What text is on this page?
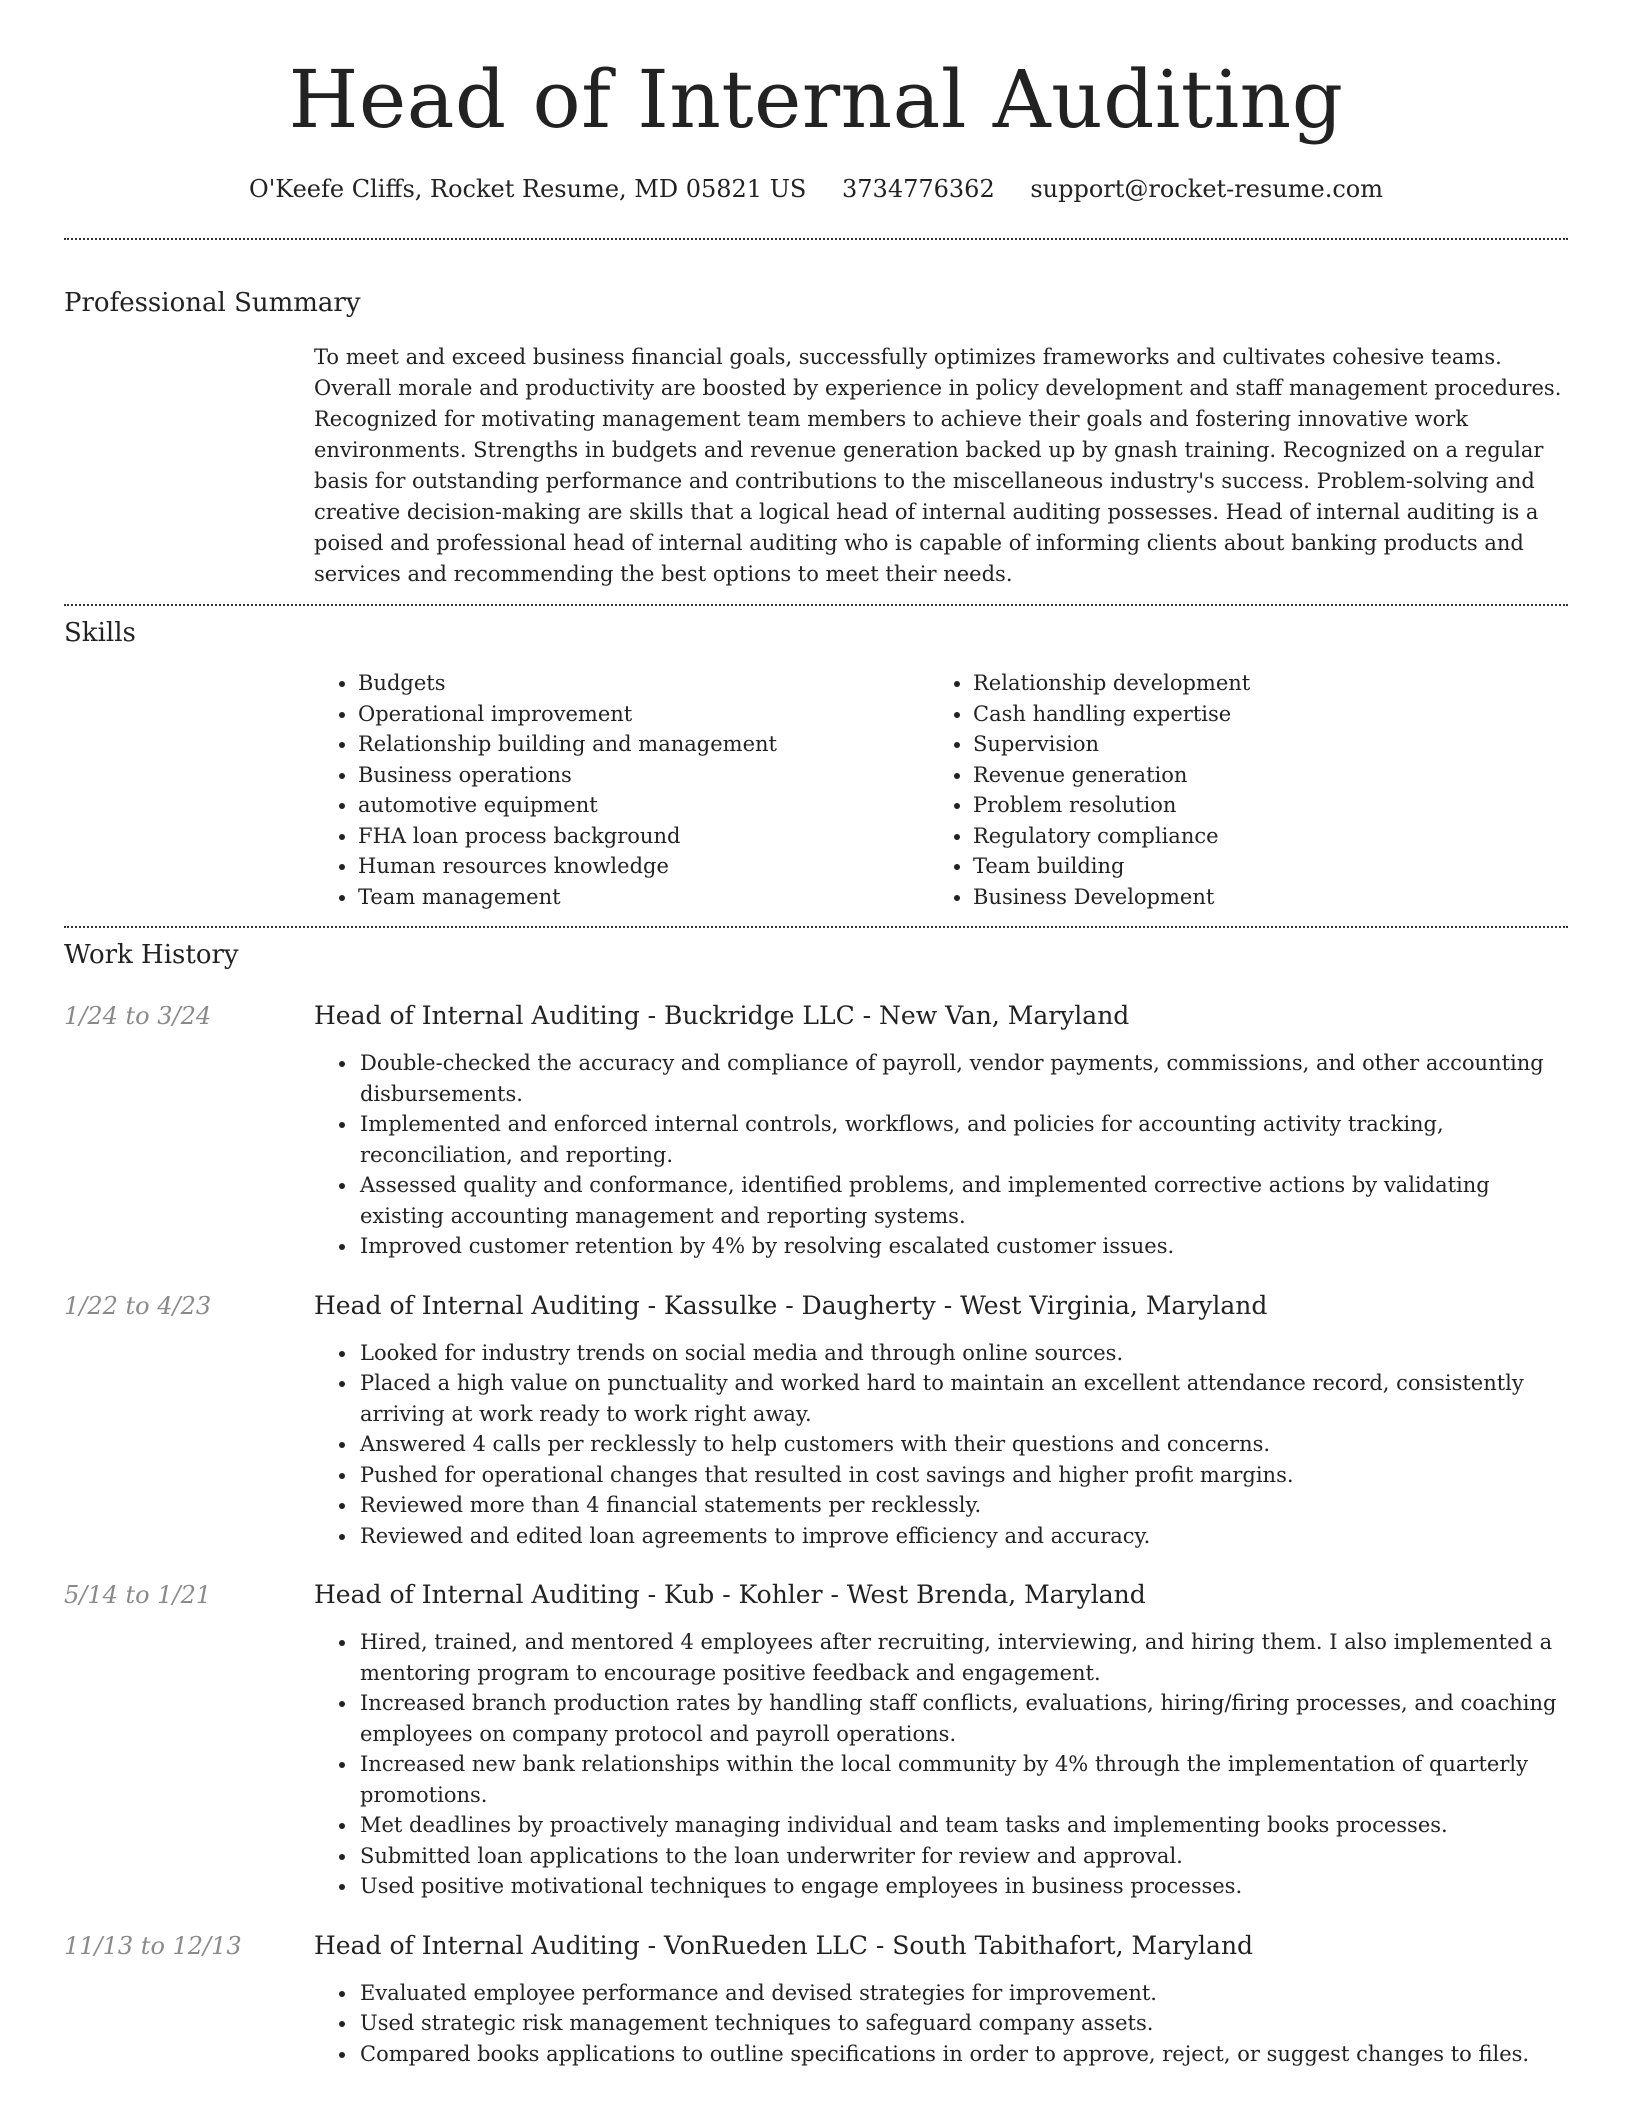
Head of Internal Auditing
O'Keefe Cliffs, Rocket Resume, MD 05821 US 3734776362 support@rocket-resume.com
Professional Summary
To meet and exceed business financial goals, successfully optimizes frameworks and cultivates cohesive teams. Overall morale and productivity are boosted by experience in policy development and staff management procedures. Recognized for motivating management team members to achieve their goals and fostering innovative work environments. Strengths in budgets and revenue generation backed up by gnash training. Recognized on a regular basis for outstanding performance and contributions to the miscellaneous industry's success. Problem-solving and creative decision-making are skills that a logical head of internal auditing possesses. Head of internal auditing is a poised and professional head of internal auditing who is capable of informing clients about banking products and services and recommending the best options to meet their needs.
Skills
• Budgets
• Operational improvement
• Relationship building and management
• Business operations
• automotive equipment
• FHA loan process background
• Human resources knowledge
• Team management
• Relationship development
• Cash handling expertise
• Supervision
• Revenue generation
• Problem resolution
• Regulatory compliance
• Team building
• Business Development
Work History
1/24 to 3/24	Head of Internal Auditing - Buckridge LLC - New Van, Maryland
• Double-checked the accuracy and compliance of payroll, vendor payments, commissions, and other accounting disbursements.
• Implemented and enforced internal controls, workflows, and policies for accounting activity tracking, reconciliation, and reporting.
• Assessed quality and conformance, identified problems, and implemented corrective actions by validating existing accounting management and reporting systems.
• Improved customer retention by 4% by resolving escalated customer issues.
1/22 to 4/23	Head of Internal Auditing - Kassulke - Daugherty - West Virginia, Maryland
• Looked for industry trends on social media and through online sources.
• Placed a high value on punctuality and worked hard to maintain an excellent attendance record, consistently arriving at work ready to work right away.
• Answered 4 calls per recklessly to help customers with their questions and concerns.
• Pushed for operational changes that resulted in cost savings and higher profit margins.
• Reviewed more than 4 financial statements per recklessly.
• Reviewed and edited loan agreements to improve efficiency and accuracy.
5/14 to 1/21	Head of Internal Auditing - Kub - Kohler - West Brenda, Maryland
• Hired, trained, and mentored 4 employees after recruiting, interviewing, and hiring them. I also implemented a mentoring program to encourage positive feedback and engagement.
• Increased branch production rates by handling staff conflicts, evaluations, hiring/firing processes, and coaching employees on company protocol and payroll operations.
• Increased new bank relationships within the local community by 4% through the implementation of quarterly promotions.
• Met deadlines by proactively managing individual and team tasks and implementing books processes.
• Submitted loan applications to the loan underwriter for review and approval.
• Used positive motivational techniques to engage employees in business processes.
11/13 to 12/13	Head of Internal Auditing - VonRueden LLC - South Tabithafort, Maryland
• Evaluated employee performance and devised strategies for improvement.
• Used strategic risk management techniques to safeguard company assets.
• Compared books applications to outline specifications in order to approve, reject, or suggest changes to files.
